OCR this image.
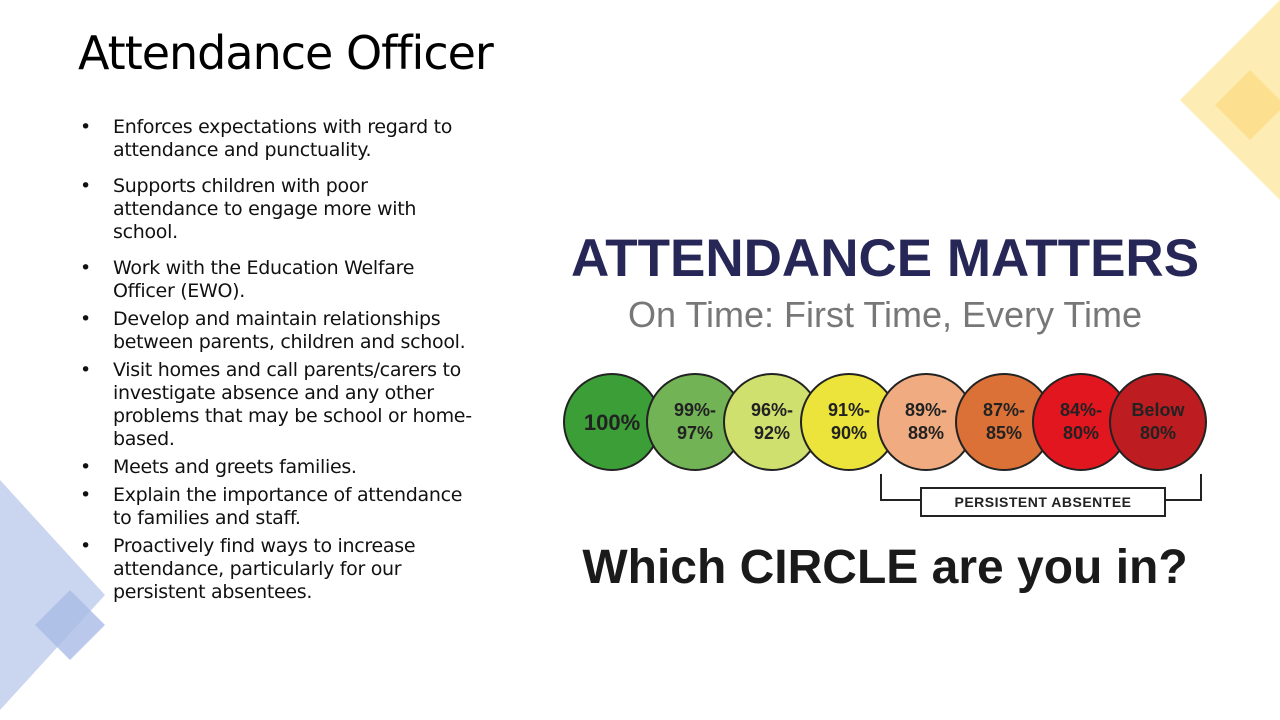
Attendance Officer
• Enforces expectations with regard to attendance and punctuality.
• Supports children with poor attendance to engage more with school.
• Work with the Education Welfare Officer (EWO).
• Develop and maintain relationships between parents, children and school.
• Visit homes and call parents/carers to investigate absence and any other problems that may be school or home-based.
• Meets and greets families.
• Explain the importance of attendance to families and staff.
• Proactively find ways to increase attendance, particularly for our persistent absentees.
ATTENDANCE MATTERS
On Time: First Time, Every Time
100% 99%-
97%
96%-
92%
91%-
90%
89%-
88%
87%-
85%
84%-
80%
Below
80%
PERSISTENT ABSENTEE
Which CIRCLE are you in?
